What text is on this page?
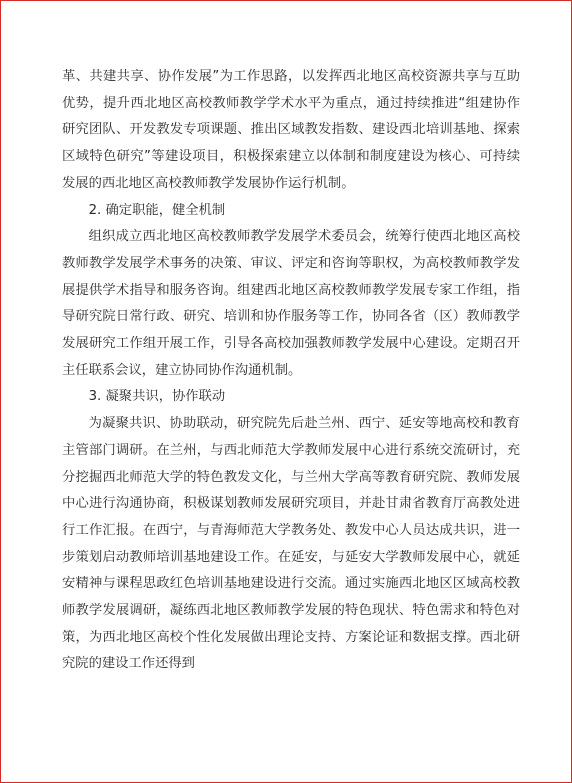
革、共建共享、协作发展”为工作思路，以发挥西北地区高校资源共享与互助优势，提升西北地区高校教师教学学术水平为重点，通过持续推进“组建协作研究团队、开发教发专项课题、推出区域教发指数、建设西北培训基地、探索区域特色研究”等建设项目，积极探索建立以体制和制度建设为核心、可持续发展的西北地区高校教师教学发展协作运行机制。

2. 确定职能，健全机制

组织成立西北地区高校教师教学发展学术委员会，统筹行使西北地区高校教师教学发展学术事务的决策、审议、评定和咨询等职权，为高校教师教学发展提供学术指导和服务咨询。组建西北地区高校教师教学发展专家工作组，指导研究院日常行政、研究、培训和协作服务等工作，协同各省（区）教师教学发展研究工作组开展工作，引导各高校加强教师教学发展中心建设。定期召开主任联系会议，建立协同协作沟通机制。

3. 凝聚共识，协作联动

为凝聚共识、协助联动，研究院先后赴兰州、西宁、延安等地高校和教育主管部门调研。在兰州，与西北师范大学教师发展中心进行系统交流研讨，充分挖掘西北师范大学的特色教发文化，与兰州大学高等教育研究院、教师发展中心进行沟通协商，积极谋划教师发展研究项目，并赴甘肃省教育厅高教处进行工作汇报。在西宁，与青海师范大学教务处、教发中心人员达成共识，进一步策划启动教师培训基地建设工作。在延安，与延安大学教师发展中心，就延安精神与课程思政红色培训基地建设进行交流。通过实施西北地区区域高校教师教学发展调研，凝练西北地区教师教学发展的特色现状、特色需求和特色对策，为西北地区高校个性化发展做出理论支持、方案论证和数据支撑。西北研究院的建设工作还得到
